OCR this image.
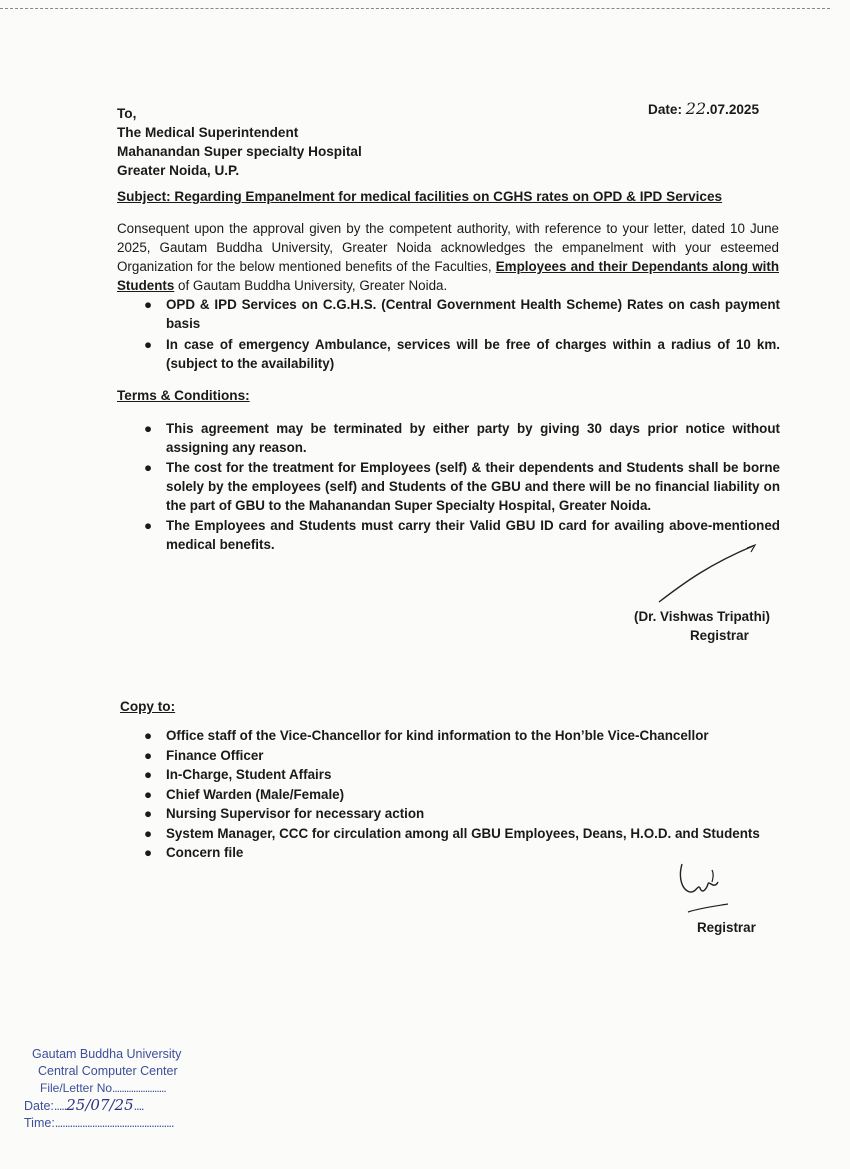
To,
The Medical Superintendent
Mahanandan Super specialty Hospital
Greater Noida, U.P.
Date: 22.07.2025
Subject: Regarding Empanelment for medical facilities on CGHS rates on OPD & IPD Services
Consequent upon the approval given by the competent authority, with reference to your letter, dated 10 June 2025, Gautam Buddha University, Greater Noida acknowledges the empanelment with your esteemed Organization for the below mentioned benefits of the Faculties, Employees and their Dependants along with Students of Gautam Buddha University, Greater Noida.
● OPD & IPD Services on C.G.H.S. (Central Government Health Scheme) Rates on cash payment basis
● In case of emergency Ambulance, services will be free of charges within a radius of 10 km. (subject to the availability)
Terms & Conditions:
● This agreement may be terminated by either party by giving 30 days prior notice without assigning any reason.
● The cost for the treatment for Employees (self) & their dependents and Students shall be borne solely by the employees (self) and Students of the GBU and there will be no financial liability on the part of GBU to the Mahanandan Super Specialty Hospital, Greater Noida.
● The Employees and Students must carry their Valid GBU ID card for availing above-mentioned medical benefits.
(Dr. Vishwas Tripathi)
Registrar
Copy to:
● Office staff of the Vice-Chancellor for kind information to the Hon’ble Vice-Chancellor
● Finance Officer
● In-Charge, Student Affairs
● Chief Warden (Male/Female)
● Nursing Supervisor for necessary action
● System Manager, CCC for circulation among all GBU Employees, Deans, H.O.D. and Students
● Concern file
Registrar
Gautam Buddha University
Central Computer Center
File/Letter No.......................
Date:.....25/07/25....
Time:................................................
